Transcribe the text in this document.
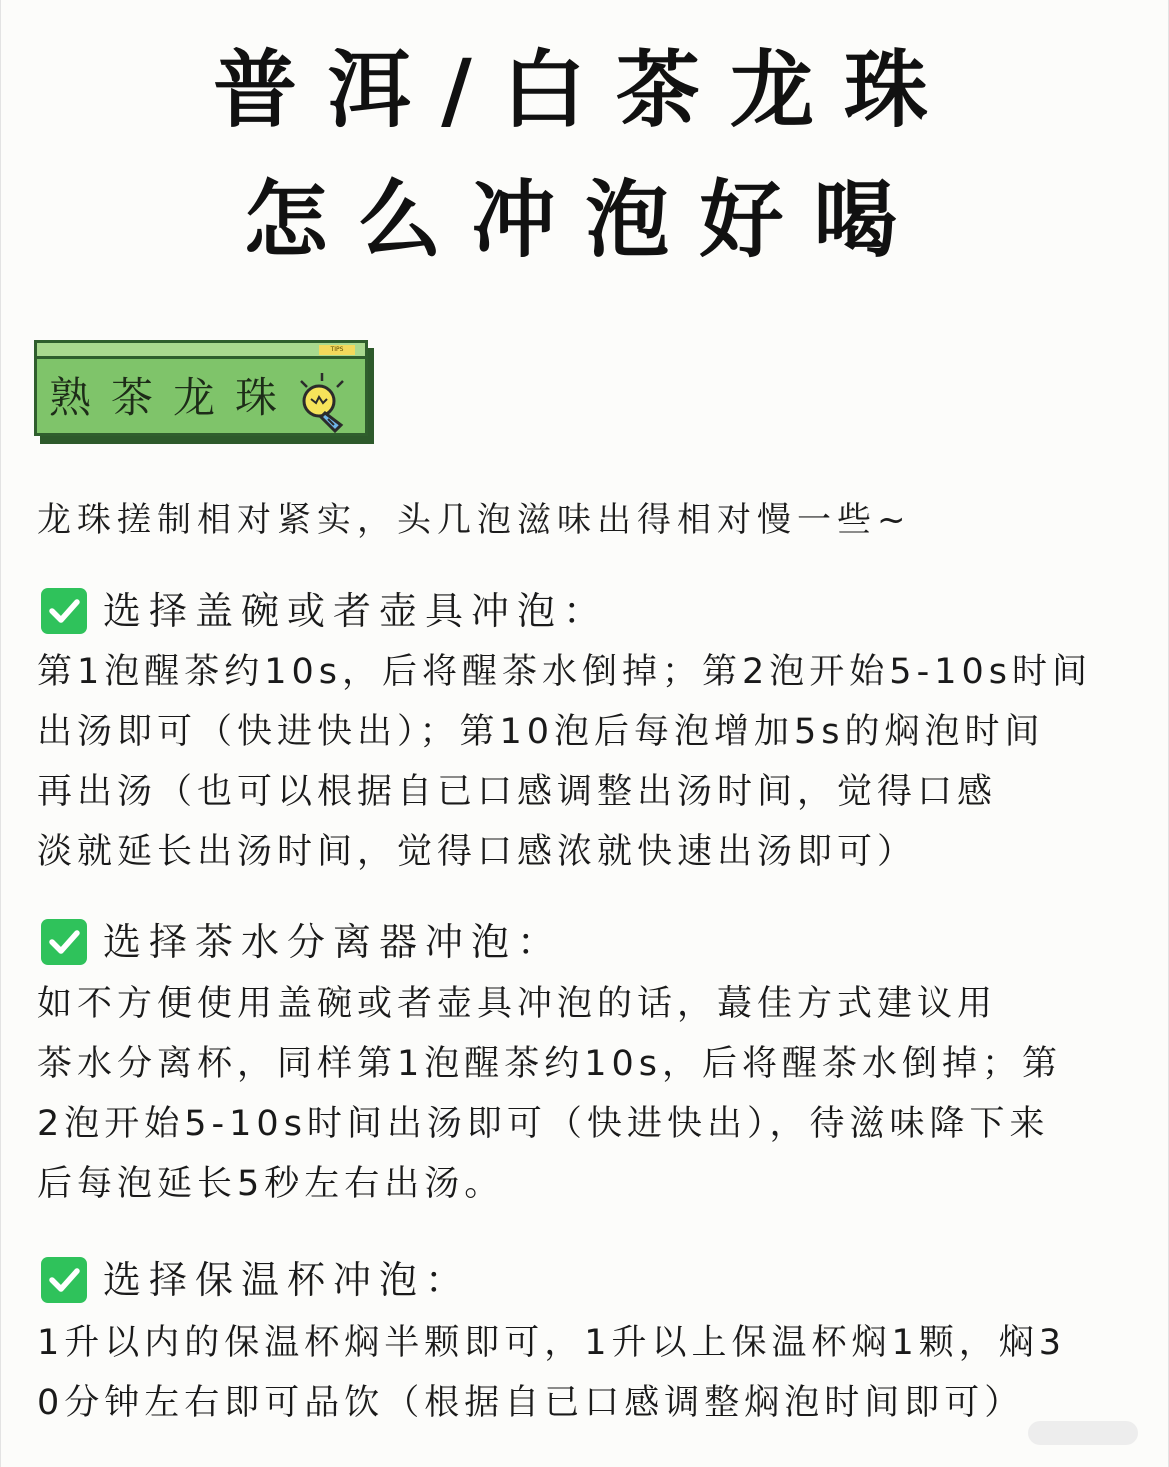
普洱/白茶龙珠
怎么冲泡好喝
TIPS
熟茶龙珠
龙珠搓制相对紧实，头几泡滋味出得相对慢一些~
选择盖碗或者壶具冲泡：
第1泡醒茶约10s，后将醒茶水倒掉；第2泡开始5-10s时间
出汤即可（快进快出）；第10泡后每泡增加5s的焖泡时间
再出汤（也可以根据自已口感调整出汤时间，觉得口感
淡就延长出汤时间，觉得口感浓就快速出汤即可）
选择茶水分离器冲泡：
如不方便使用盖碗或者壶具冲泡的话，蕞佳方式建议用
茶水分离杯，同样第1泡醒茶约10s，后将醒茶水倒掉；第
2泡开始5-10s时间出汤即可（快进快出），待滋味降下来
后每泡延长5秒左右出汤。
选择保温杯冲泡：
1升以内的保温杯焖半颗即可，1升以上保温杯焖1颗，焖3
0分钟左右即可品饮（根据自已口感调整焖泡时间即可）
